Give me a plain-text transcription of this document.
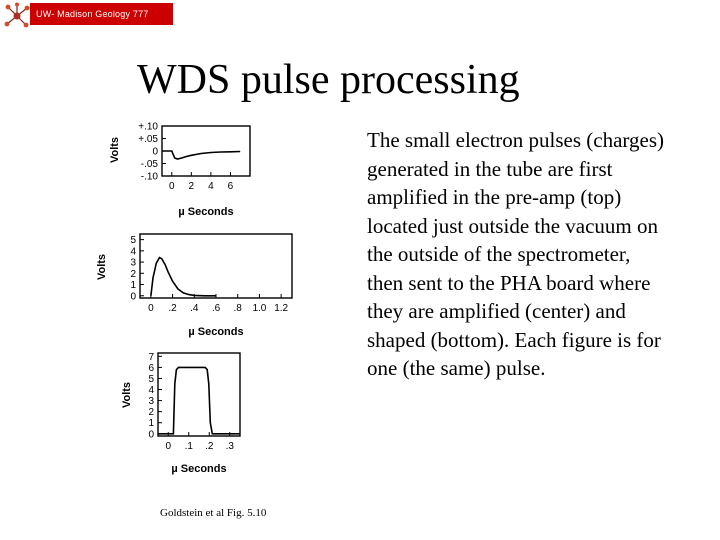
UW- Madison Geology 777
WDS pulse processing
The small electron pulses (charges) generated in the tube are first amplified in the pre-amp (top) located just outside the vacuum on the outside of the spectrometer, then sent to the PHA board where they are amplified (center) and shaped (bottom). Each figure is for one (the same) pulse.
+.10
+.05
0
-.05
-.10
0 2 4 6
Volts
µ Seconds
0
1
2
3
4
5
0 .2 .4 .6 .8 1.0 1.2
Volts
µ Seconds
0
1
2
3
4
5
6
7
0 .1 .2 .3
Volts
µ Seconds
Goldstein et al Fig. 5.10
